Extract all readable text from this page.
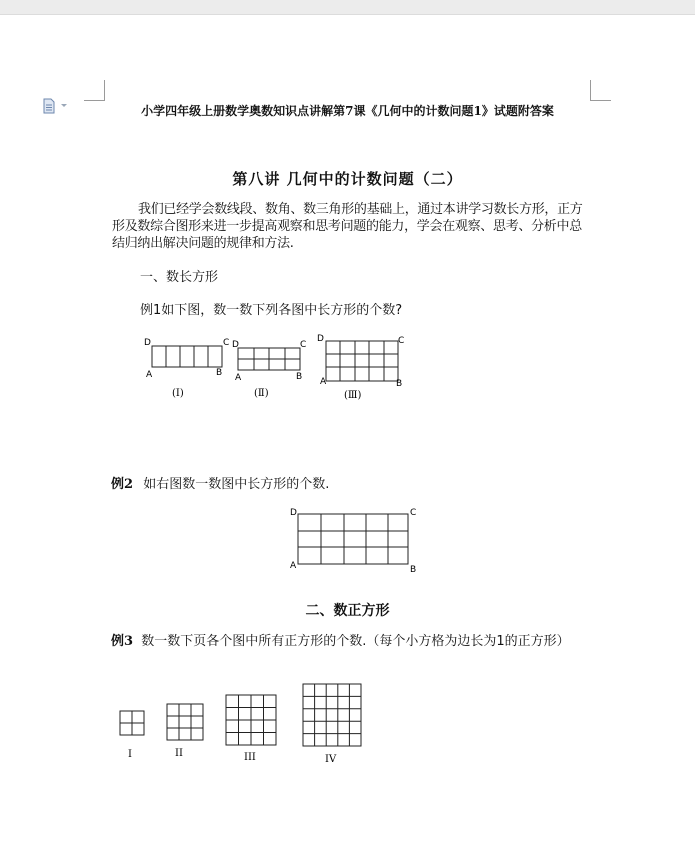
小学四年级上册数学奥数知识点讲解第7课《几何中的计数问题1》试题附答案
第八讲 几何中的计数问题（二）
我们已经学会数线段、数角、数三角形的基础上，通过本讲学习数长方形，正方形及数综合图形来进一步提高观察和思考问题的能力，学会在观察、思考、分析中总结归纳出解决问题的规律和方法.
一、数长方形
例1如下图，数一数下列各图中长方形的个数?
D	C
A	B
(Ⅰ)
D	C
A	B
(Ⅱ)
D	C
A	B
(Ⅲ)
例2 如右图数一数图中长方形的个数.
D	C
A	B
二、数正方形
例3 数一数下页各个图中所有正方形的个数.（每个小方格为边长为1的正方形）
I	II	III	IV
